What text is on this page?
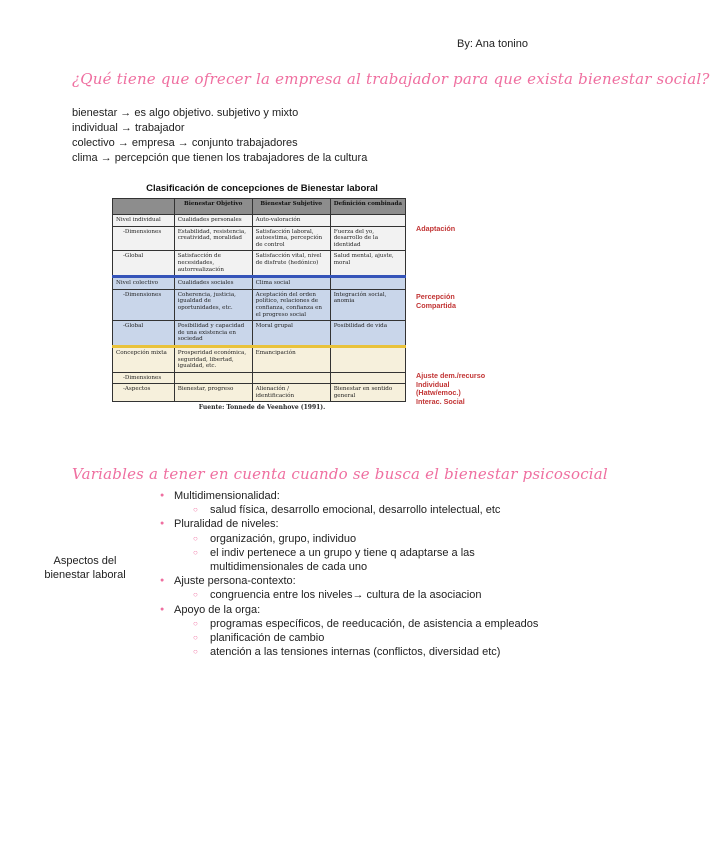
By: Ana tonino
¿Qué tiene que ofrecer la empresa al trabajador para que exista bienestar social?
bienestar → es algo objetivo. subjetivo y mixto
individual → trabajador
colectivo → empresa → conjunto trabajadores
clima → percepción que tienen los trabajadores de la cultura
Clasificación de concepciones de Bienestar laboral
	Bienestar Objetivo	Bienestar Subjetivo	Definición combinada
Nivel individual	Cualidades personales	Auto-valoración	
-Dimensiones	Estabilidad, resistencia, creatividad, moralidad	Satisfacción laboral, autoestima, percepción de control	Fuerza del yo, desarrollo de la identidad
-Global	Satisfacción de necesidades, autorrealización	Satisfacción vital, nivel de disfrute (hedónico)	Salud mental, ajuste, moral
Nivel colectivo	Cualidades sociales	Clima social	
-Dimensiones	Coherencia, justicia, igualdad de oportunidades, etc.	Aceptación del orden político, relaciones de confianza, confianza en el progreso social	Integración social, anomia
-Global	Posibilidad y capacidad de una existencia en sociedad	Moral grupal	Posibilidad de vida
Concepción mixta	Prosperidad económica, seguridad, libertad, igualdad, etc.	Emancipación	
-Dimensiones			
-Aspectos	Bienestar, progreso	Alienación / identificación	Bienestar en sentido general
Fuente: Tonnede de Veenhove (1991).
Adaptación
Percepción
Compartida
Ajuste dem./recurso
Individual
(Hatw/emoc.)
Interac. Social
Variables a tener en cuenta cuando se busca el bienestar psicosocial
Aspectos del
bienestar laboral
● Multidimensionalidad:
○ salud física, desarrollo emocional, desarrollo intelectual, etc
● Pluralidad de niveles:
○ organización, grupo, individuo
○ el indiv pertenece a un grupo y tiene q adaptarse a las multidimensionales de cada uno
● Ajuste persona-contexto:
○ congruencia entre los niveles→ cultura de la asociacion
● Apoyo de la orga:
○ programas específicos, de reeducación, de asistencia a empleados
○ planificación de cambio
○ atención a las tensiones internas (conflictos, diversidad etc)
